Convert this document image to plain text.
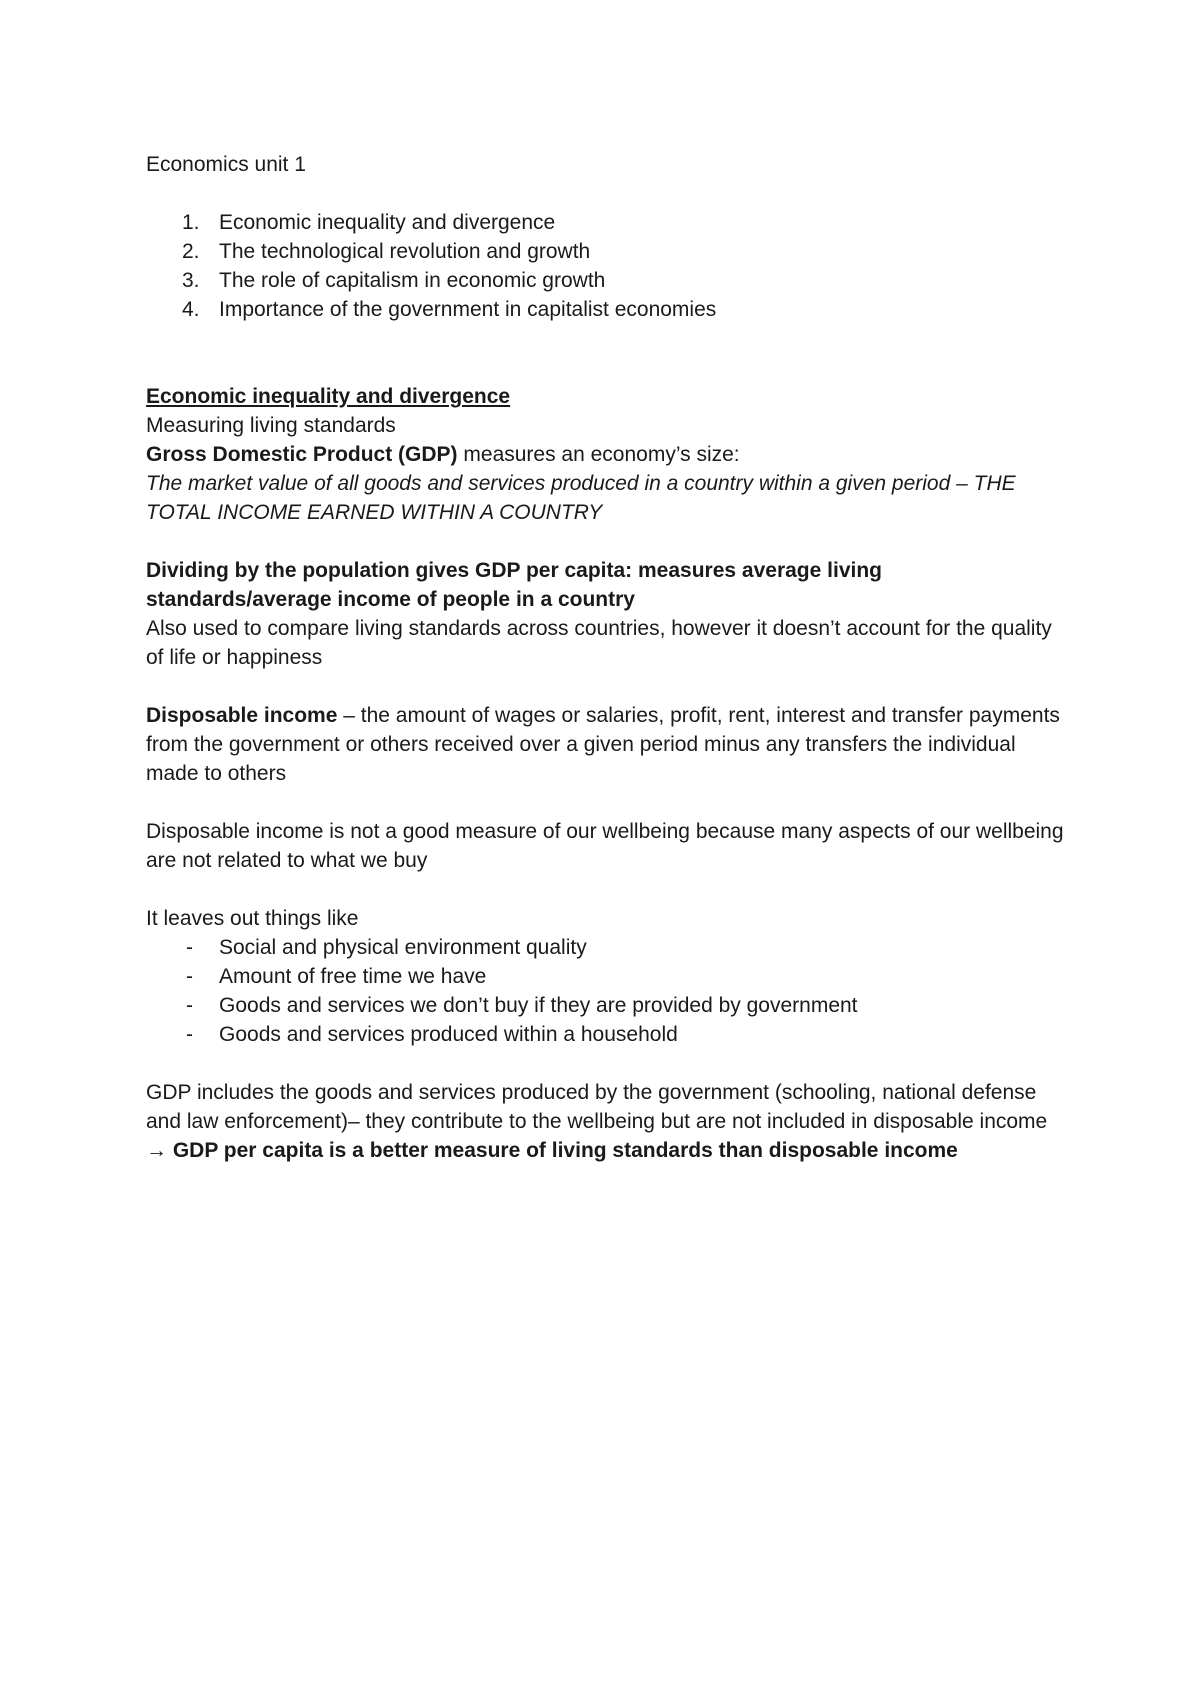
Economics unit 1

1. Economic inequality and divergence
2. The technological revolution and growth
3. The role of capitalism in economic growth
4. Importance of the government in capitalist economies

Economic inequality and divergence

Measuring living standards

Gross Domestic Product (GDP) measures an economy’s size:

The market value of all goods and services produced in a country within a given period – THE TOTAL INCOME EARNED WITHIN A COUNTRY

Dividing by the population gives GDP per capita: measures average living standards/average income of people in a country

Also used to compare living standards across countries, however it doesn’t account for the quality of life or happiness

Disposable income – the amount of wages or salaries, profit, rent, interest and transfer payments from the government or others received over a given period minus any transfers the individual made to others

Disposable income is not a good measure of our wellbeing because many aspects of our wellbeing are not related to what we buy

It leaves out things like

- Social and physical environment quality
- Amount of free time we have
- Goods and services we don’t buy if they are provided by government
- Goods and services produced within a household

GDP includes the goods and services produced by the government (schooling, national defense and law enforcement)– they contribute to the wellbeing but are not included in disposable income → GDP per capita is a better measure of living standards than disposable income
